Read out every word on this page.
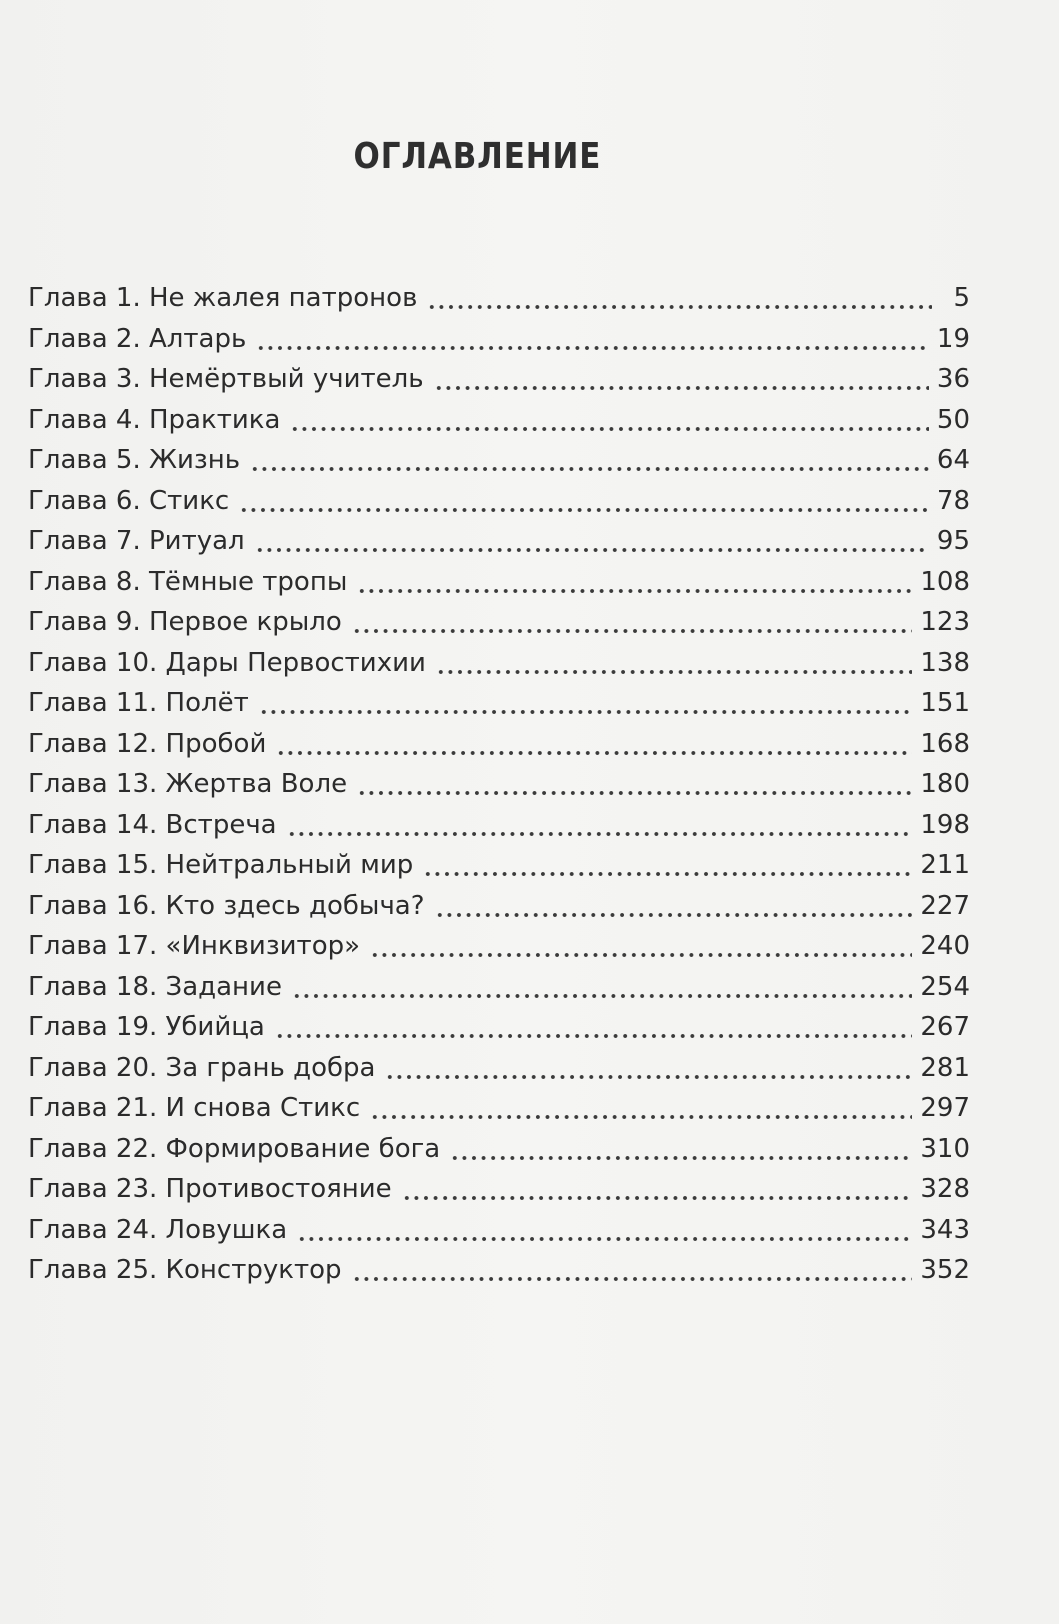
ОГЛАВЛЕНИЕ
Глава 1. Не жалея патронов	5
Глава 2. Алтарь	19
Глава 3. Немёртвый учитель	36
Глава 4. Практика	50
Глава 5. Жизнь	64
Глава 6. Стикс	78
Глава 7. Ритуал	95
Глава 8. Тёмные тропы	108
Глава 9. Первое крыло	123
Глава 10. Дары Первостихии	138
Глава 11. Полёт	151
Глава 12. Пробой	168
Глава 13. Жертва Воле	180
Глава 14. Встреча	198
Глава 15. Нейтральный мир	211
Глава 16. Кто здесь добыча?	227
Глава 17. «Инквизитор»	240
Глава 18. Задание	254
Глава 19. Убийца	267
Глава 20. За грань добра	281
Глава 21. И снова Стикс	297
Глава 22. Формирование бога	310
Глава 23. Противостояние	328
Глава 24. Ловушка	343
Глава 25. Конструктор	352
